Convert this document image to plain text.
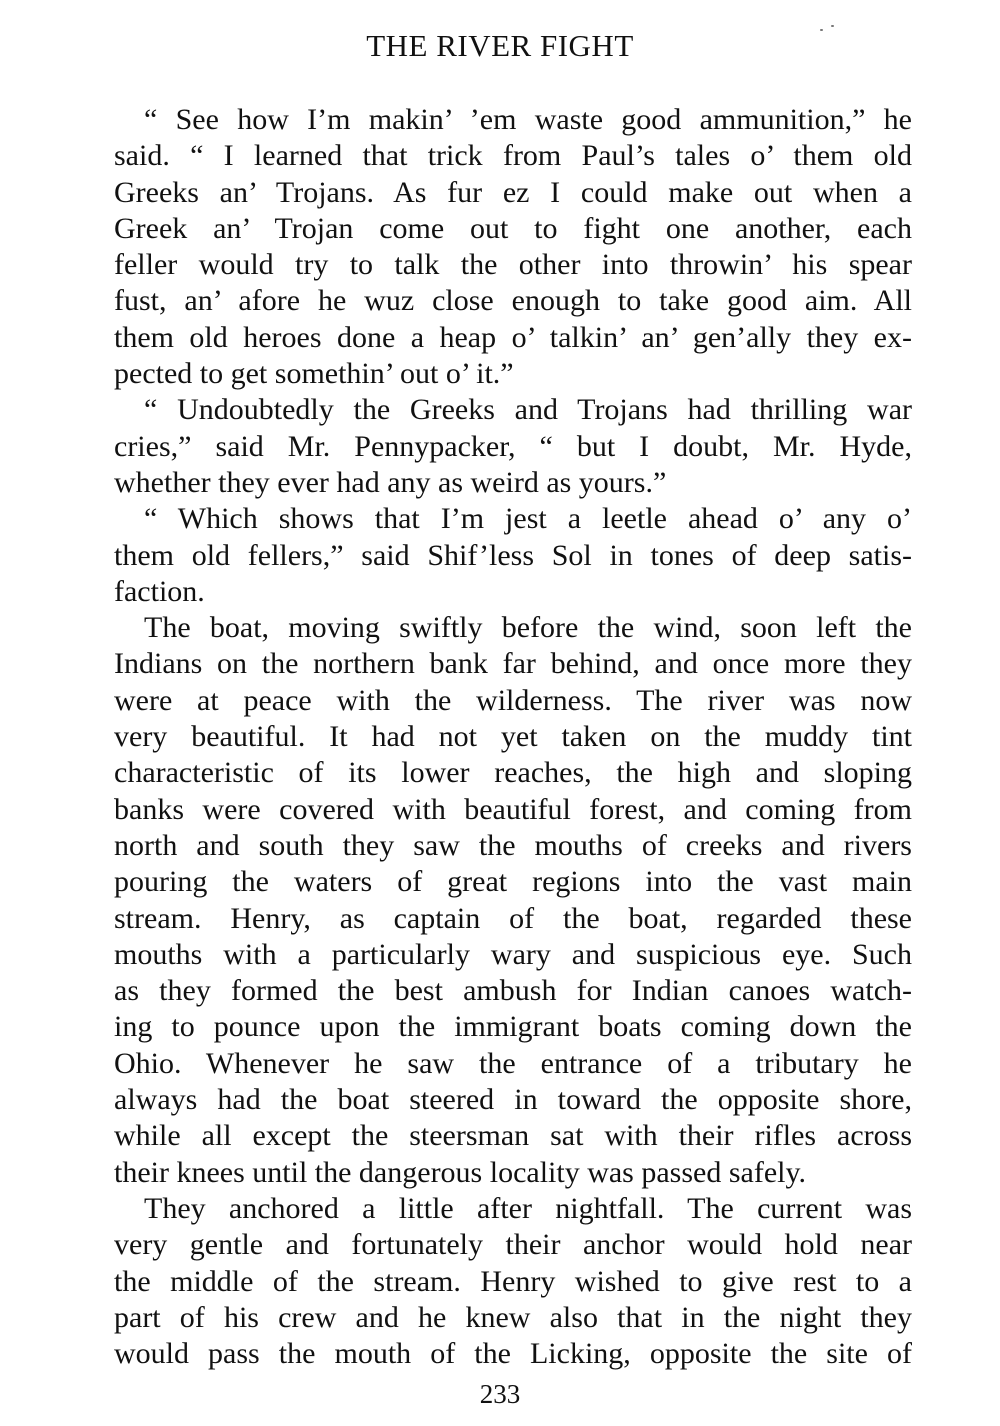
THE RIVER FIGHT
“ See how I’m makin’ ’em waste good ammunition,” he
said. “ I learned that trick from Paul’s tales o’ them old
Greeks an’ Trojans. As fur ez I could make out when a
Greek an’ Trojan come out to fight one another, each
feller would try to talk the other into throwin’ his spear
fust, an’ afore he wuz close enough to take good aim. All
them old heroes done a heap o’ talkin’ an’ gen’ally they ex-
pected to get somethin’ out o’ it.”
“ Undoubtedly the Greeks and Trojans had thrilling war
cries,” said Mr. Pennypacker, “ but I doubt, Mr. Hyde,
whether they ever had any as weird as yours.”
“ Which shows that I’m jest a leetle ahead o’ any o’
them old fellers,” said Shif’less Sol in tones of deep satis-
faction.
The boat, moving swiftly before the wind, soon left the
Indians on the northern bank far behind, and once more they
were at peace with the wilderness. The river was now
very beautiful. It had not yet taken on the muddy tint
characteristic of its lower reaches, the high and sloping
banks were covered with beautiful forest, and coming from
north and south they saw the mouths of creeks and rivers
pouring the waters of great regions into the vast main
stream. Henry, as captain of the boat, regarded these
mouths with a particularly wary and suspicious eye. Such
as they formed the best ambush for Indian canoes watch-
ing to pounce upon the immigrant boats coming down the
Ohio. Whenever he saw the entrance of a tributary he
always had the boat steered in toward the opposite shore,
while all except the steersman sat with their rifles across
their knees until the dangerous locality was passed safely.
They anchored a little after nightfall. The current was
very gentle and fortunately their anchor would hold near
the middle of the stream. Henry wished to give rest to a
part of his crew and he knew also that in the night they
would pass the mouth of the Licking, opposite the site of
233
